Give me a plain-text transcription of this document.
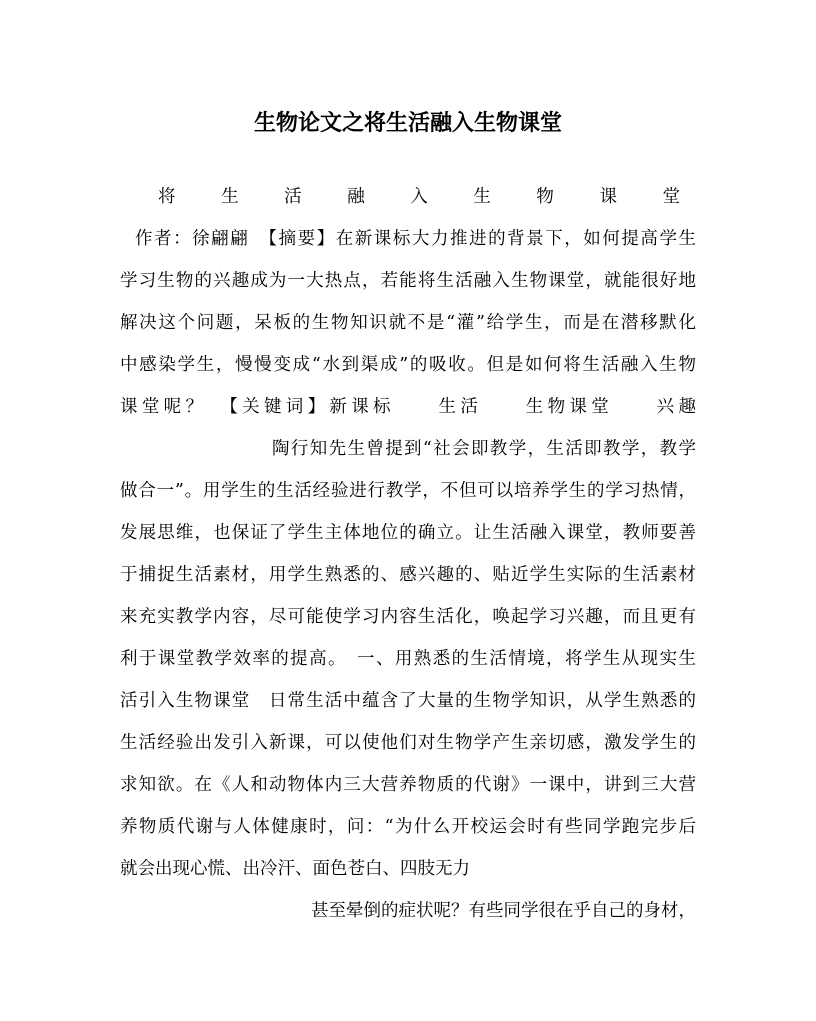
生物论文之将生活融入生物课堂
将 生 活 融 入 生 物 课 堂
作者：徐翩翩　【摘要】在新课标大力推进的背景下，如何提高学生
学习生物的兴趣成为一大热点，若能将生活融入生物课堂，就能很好地
解决这个问题，呆板的生物知识就不是“灌”给学生，而是在潜移默化
中感染学生，慢慢变成“水到渠成”的吸收。但是如何将生活融入生物
课堂呢？　【关键词】新课标　　生活　　生物课堂　　兴趣
陶行知先生曾提到“社会即教学，生活即教学，教学
做合一”。用学生的生活经验进行教学，不但可以培养学生的学习热情，
发展思维，也保证了学生主体地位的确立。让生活融入课堂，教师要善
于捕捉生活素材，用学生熟悉的、感兴趣的、贴近学生实际的生活素材
来充实教学内容，尽可能使学习内容生活化，唤起学习兴趣，而且更有
利于课堂教学效率的提高。　一、用熟悉的生活情境，将学生从现实生
活引入生物课堂　日常生活中蕴含了大量的生物学知识，从学生熟悉的
生活经验出发引入新课，可以使他们对生物学产生亲切感，激发学生的
求知欲。在《人和动物体内三大营养物质的代谢》一课中，讲到三大营
养物质代谢与人体健康时，问：“为什么开校运会时有些同学跑完步后
就会出现心慌、出冷汗、面色苍白、四肢无力
甚至晕倒的症状呢？有些同学很在乎自己的身材，
